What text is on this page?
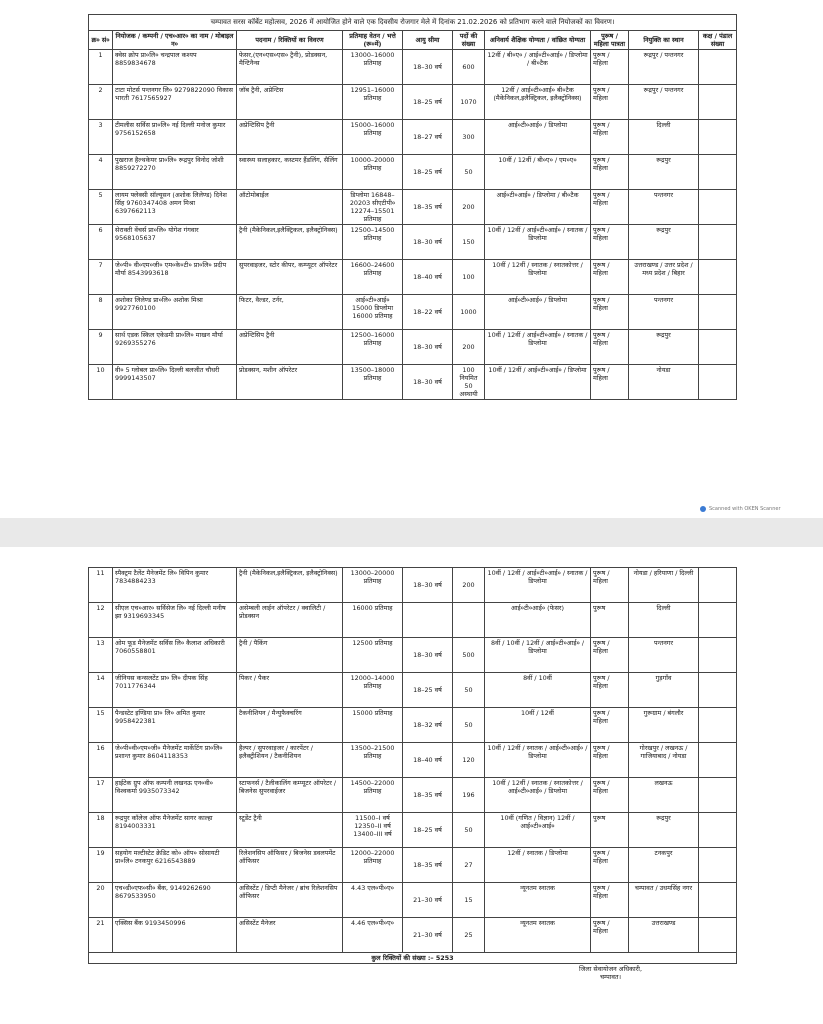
चम्पावत सरस कॉर्बेट महोत्सव, 2026 में आयोजित होने वाले एक दिवसीय रोजगार मेले में दिनांक 21.02.2026 को प्रतिभाग करने वाले नियोजकों का विवरण।									
क्र० सं०	नियोजक / कम्पनी / एच०आर० का नाम / मोबाइल न०	पदनाम / रिक्तियों का विवरण	प्रतिमाह वेतन / भत्ते (रू०में)	आयु सीमा	पदों की संख्या	अनिवार्य शैक्षिक योग्यता / वांछित योग्यता	पुरूष / महिला पात्रता	नियुक्ति का स्थान	कक्ष / पंडाल संख्या
1	क्वेस क्रोप प्रा०लि० चन्द्रपाल कश्यप 8859834678	फेसर,(एन०एस०एस० ट्रैनी), प्रोडक्सन, मैन्टिनैन्स	13000–16000 प्रतिमाह	18–30 वर्ष	600	12वीं / बी०ए० / आई०टी०आई० / डिप्लोमा / बी०टैक	पुरूष / महिला	रूद्रपुर / पन्तनगर	
2	टाटा मोटर्स पन्तनगर लि० 9279822090 विकास भारती 7617565927	जॉब ट्रैनी, अप्रेन्टिस	12951–16000 प्रतिमाह	18–25 वर्ष	1070	12वीं / आई०टी०आई० बी०टैक (मैकेनिकल,इलैक्ट्रिकल, इलैक्ट्रोनिक्स)	पुरूष / महिला	रूद्रपुर / पन्तनगर	
3	टीमलीस सर्विस प्रा०लि० नई दिल्ली मनोज कुमार 9756152658	अप्रेन्टिसिप ट्रैनी	15000–16000 प्रतिमाह	18–27 वर्ष	300	आई०टी०आई० / डिप्लोमा	पुरूष / महिला	दिल्ली	
4	पुखराज हैल्थकेयर प्रा०लि० रूद्रपुर विनोद जोशी 8859272270	स्वास्थ्य सलाहकार, कस्टमर हैंडलिंग, सैलिंग	10000–20000 प्रतिमाह	18–25 वर्ष	50	10वीं / 12वीं / बी०ए० / एम०ए०	पुरूष / महिला	रूद्रपुर	
5	लायम फ्लेक्सी सॉल्यूसन (अशोक लिलेण्ड) दिनेश सिंह 9760347408 अमन मिश्रा 6397662113	ऑटोमोबाईल	डिप्लोमा 16848–20203 सीएटीपी० 12274–15501 प्रतिमाह	18–35 वर्ष	200	आई०टी०आई० / डिप्लोमा / बी०टैक	पुरूष / महिला	पन्तनगर	
6	सेराक्ती वेंचर्स प्रा०लि० योगेश गंगवार 9568105637	ट्रैनी (मैकेनिकल,इलैक्ट्रिकल, इलैक्ट्रोनिक्स)	12500–14500 प्रतिमाह	18–30 वर्ष	150	10वीं / 12वीं / आई०टी०आई० / स्नातक / डिप्लोमा	पुरूष / महिला	रूद्रपुर	
7	जे०पी० वी०एम०जी० एम०के०टी० प्रा०लि० प्रदीप मौर्या 8543993618	सुपरवाइजर, स्टोर कीपर, कम्प्यूटर ऑपरेटर	16600–24600 प्रतिमाह	18–40 वर्ष	100	10वीं / 12वीं / स्नातक / स्नातकोत्तर / डिप्लोमा	पुरूष / महिला	उत्तराखण्ड / उत्तर प्रदेश / मध्य प्रदेश / बिहार	
8	अशोका लिलेण्ड प्रा०लि० अशोक मिश्रा 9927760100	फिटर, वैल्डर, टर्नर,	आई०टी०आई० 15000 डिप्लोमा 16000 प्रतिमाह	18–22 वर्ष	1000	आई०टी०आई० / डिप्लोमा	पुरूष / महिला	पन्तनगर	
9	सार्थ एडक स्किल एकेडमी प्रा०लि० माखन मौर्या 9269355276	अप्रेन्टिसिप ट्रैनी	12500–16000 प्रतिमाह	18–30 वर्ष	200	10वीं / 12वीं / आई०टी०आई० / स्नातक / डिप्लोमा	पुरूष / महिला	रूद्रपुर	
10	वी० 5 ग्लोबल प्रा०लि० दिल्ली बलजीत चौधरी 9999143507	प्रोडक्सन, मशीन ऑपरेटर	13500–18000 प्रतिमाह	18–30 वर्ष	100 नियमित 50 अस्थायी	10वीं / 12वीं / आई०टी०आई० / डिप्लोमा	पुरूष / महिला	नोयडा	
Scanned with OKEN Scanner
11	स्पैक्ट्रम टैलेंट मैनेजमेंट लि० विपिन कुमार 7834884233	ट्रैनी (मैकेनिकल,इलैक्ट्रिकल, इलैक्ट्रोनिक्स)	13000–20000 प्रतिमाह	18–30 वर्ष	200	10वीं / 12वीं / आई०टी०आई० / स्नातक / डिप्लोमा	पुरूष / महिला	नोयडा / हरियाणा / दिल्ली	
12	सीएल एच०आर० सर्विसेज लि० नई दिल्ली मनीष झा 9319693345	असेम्बली लाईन ऑपरेटर / क्वालिटी / प्रोडक्सन	16000 प्रतिमाह			आई०टी०आई० (फेसर)	पुरूष	दिल्ली	
13	ओम फूड मैनेजमेंट सर्विस लि० कैलाश अधिकारी 7060558801	ट्रैनी / पैकिंग	12500 प्रतिमाह	18–30 वर्ष	500	8वीं / 10वीं / 12वीं / आई०टी०आई० / डिप्लोमा	पुरूष / महिला	पन्तनगर	
14	जीनियस कन्सलटेंट प्रा० लि० दीपक सिंह 7011776344	पिकर / पैकर	12000–14000 प्रतिमाह	18–25 वर्ष	50	8वीं / 10वीं	पुरूष / महिला	गुड़गाँव	
15	पैन्डस्टेट इण्डिया प्रा० लि० अमित कुमार 9958422381	टैकनीशियन / मैन्युफैक्चरिंग	15000 प्रतिमाह	18–32 वर्ष	50	10वीं / 12वीं	पुरूष / महिला	गुरूग्राम / बंगलौर	
16	जे०पी०वी०एम०जी० मैनेजमेंट मार्केटिंग प्रा०लि० प्रशान्त कुमार 8604118353	हैल्पर / सुपरवाइजर / कारपेंटर / इलैक्ट्रीशियन / टैकनीशियन	13500–21500 प्रतिमाह	18–40 वर्ष	120	10वीं / 12वीं / स्नातक / आई०टी०आई० / डिप्लोमा	पुरूष / महिला	गोरखपुर / लखनऊ / गाजियाबाद / नोयडा	
17	हाईटेक ग्रुप ऑफ कम्पनी लखनऊ एन०वी० विश्वकर्मा 9935073342	स्टाफनर्स / टैलीकालिंग कम्प्यूटर ऑपरेटर / बिजनेस सुपरवाईजर	14500–22000 प्रतिमाह	18–35 वर्ष	196	10वीं / 12वीं / स्नातक / स्नातकोत्तर / आई०टी०आई० / डिप्लोमा	पुरूष / महिला	लखनऊ	
18	रूद्रपुर कॉलेज ऑफ मैनेजमेंट सागर काल्हा 8194003331	स्टूडेंट ट्रैनी	11500–I वर्ष 12350–II वर्ष 13400–III वर्ष	18–25 वर्ष	50	10वीं (गणित / विज्ञान) 12वीं / आई०टी०आई०	पुरूष	रूद्रपुर	
19	सहयोग मल्टीस्टेट क्रेडिट को० ऑप० सोसायटी प्रा०लि० टनकपुर 6216543889	रिलेशनसिप ऑफिसर / बिजनेस डवलपमेंट ऑफिसर	12000–22000 प्रतिमाह	18–35 वर्ष	27	12वीं / स्नातक / डिप्लोमा	पुरूष / महिला	टनकपुर	
20	एच०डी०एफ०सी० बैंक, 9149262690 8679533950	असिस्टेंट / डिप्टी मैनेजर / ब्रांच रिलेशनसिप ऑफिसर	4.43 एल०पी०ए०	21–30 वर्ष	15	न्यूनतम स्नातक	पुरूष / महिला	चम्पावत / उधमसिंह नगर	
21	एक्सिस बैंक 9193450996	असिस्टेंट मैनेजर	4.46 एल०पी०ए०	21–30 वर्ष	25	न्यूनतम स्नातक	पुरूष / महिला	उत्तराखण्ड	
कुल रिक्तियों की संख्या :– 5253									

						जिला सेवायोजन अधिकारी,
चम्पावत।			
